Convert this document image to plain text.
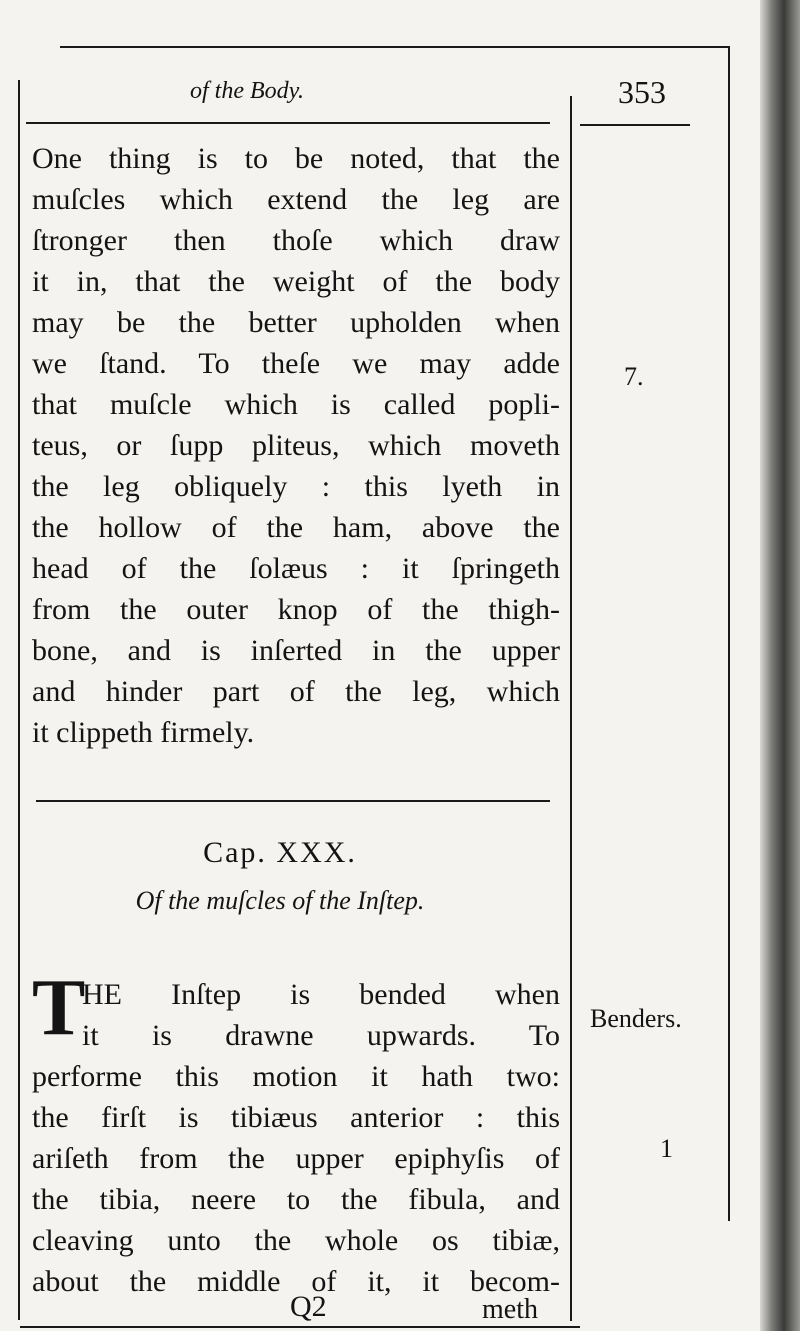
of the Body.	353
One thing is to be noted, that the
muſcles which extend the leg are
ſtronger then thoſe which draw
it in, that the weight of the body
may be the better upholden when
we ſtand. To theſe we may adde
that muſcle which is called popli-
teus, or ſupp pliteus, which moveth
the leg obliquely : this lyeth in
the hollow of the ham, above the
head of the ſolæus : it ſpringeth
from the outer knop of the thigh-
bone, and is inſerted in the upper
and hinder part of the leg, which
it clippeth firmely.
7.
Cap. XXX.
Of the muſcles of the Inſtep.
T
HE Inſtep is bended when
it is drawne upwards. To
performe this motion it hath two:
the firſt is tibiæus anterior : this
ariſeth from the upper epiphyſis of
the tibia, neere to the fibula, and
cleaving unto the whole os tibiæ,
about the middle of it, it becom-
Benders.
1
Q2	meth
